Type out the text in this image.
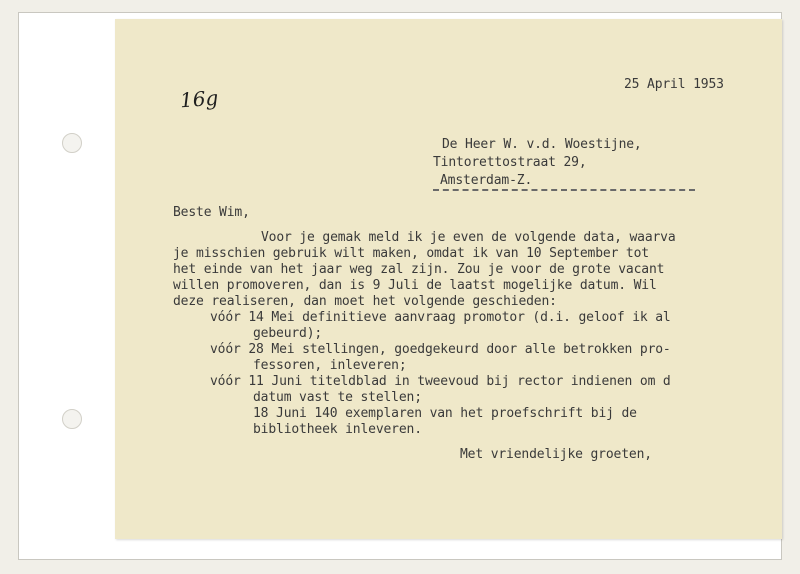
16g
25 April 1953
De Heer W. v.d. Woestijne,
Tintorettostraat 29,
Amsterdam-Z.
Beste Wim,
Voor je gemak meld ik je even de volgende data, waarva
je misschien gebruik wilt maken, omdat ik van 10 September tot
het einde van het jaar weg zal zijn. Zou je voor de grote vacant
willen promoveren, dan is 9 Juli de laatst mogelijke datum. Wil
deze realiseren, dan moet het volgende geschieden:
vóór 14 Mei definitieve aanvraag promotor (d.i. geloof ik al
gebeurd);
vóór 28 Mei stellingen, goedgekeurd door alle betrokken pro-
fessoren, inleveren;
vóór 11 Juni titeldblad in tweevoud bij rector indienen om d
datum vast te stellen;
18 Juni 140 exemplaren van het proefschrift bij de
bibliotheek inleveren.
Met vriendelijke groeten,
